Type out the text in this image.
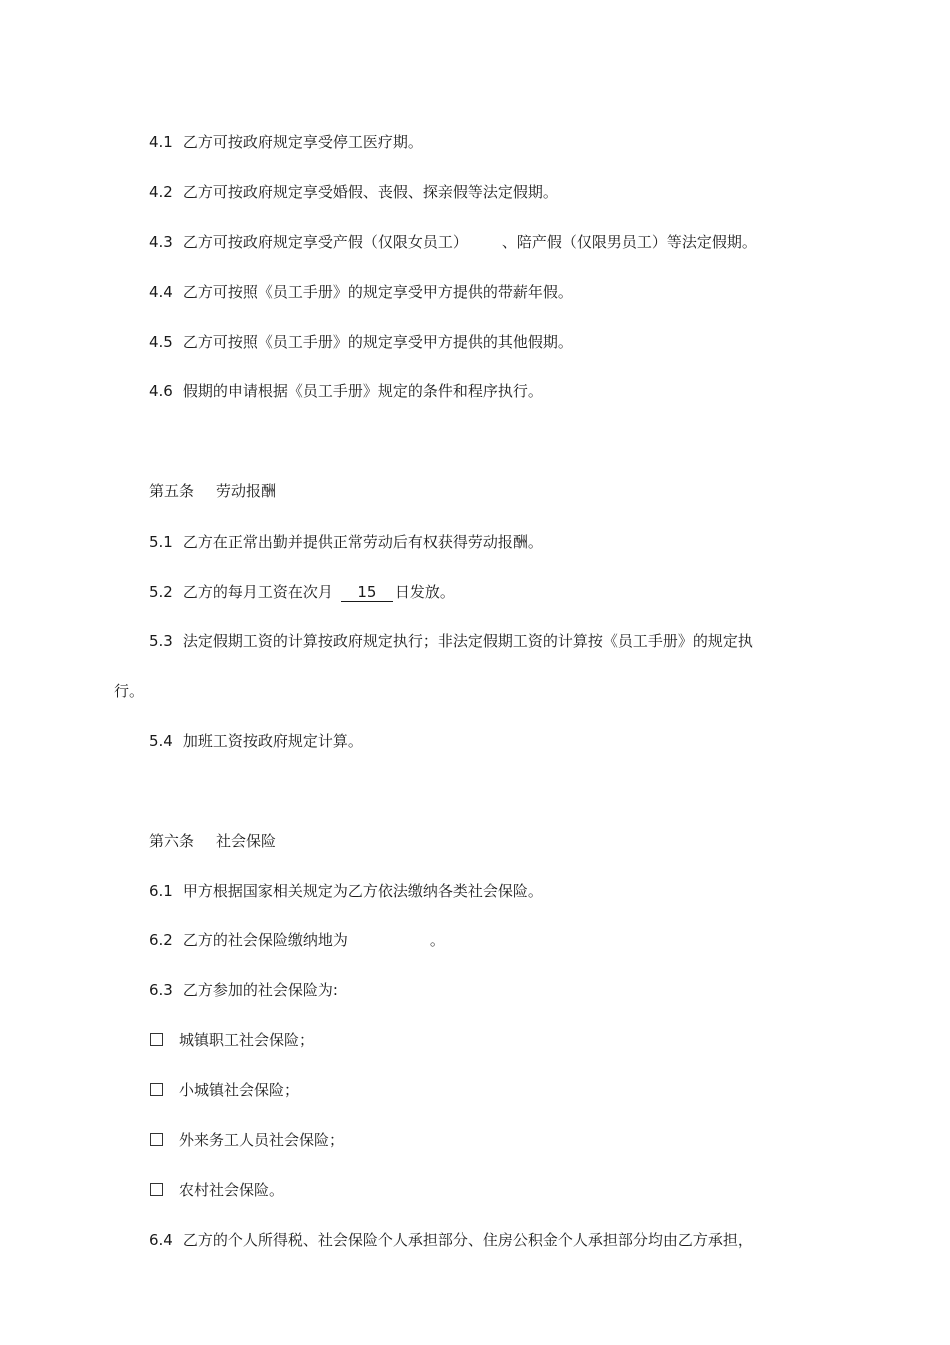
4.1 乙方可按政府规定享受停工医疗期。
4.2 乙方可按政府规定享受婚假、丧假、探亲假等法定假期。
4.3 乙方可按政府规定享受产假（仅限女员工） 、陪产假（仅限男员工）等法定假期。
4.4 乙方可按照《员工手册》的规定享受甲方提供的带薪年假。
4.5 乙方可按照《员工手册》的规定享受甲方提供的其他假期。
4.6 假期的申请根据《员工手册》规定的条件和程序执行。
第五条 劳动报酬
5.1 乙方在正常出勤并提供正常劳动后有权获得劳动报酬。
5.2 乙方的每月工资在次月 15 日发放。
5.3 法定假期工资的计算按政府规定执行；非法定假期工资的计算按《员工手册》的规定执
行。
5.4 加班工资按政府规定计算。
第六条 社会保险
6.1 甲方根据国家相关规定为乙方依法缴纳各类社会保险。
6.2 乙方的社会保险缴纳地为	。
6.3 乙方参加的社会保险为:
城镇职工社会保险；
小城镇社会保险；
外来务工人员社会保险；
农村社会保险。
6.4 乙方的个人所得税、社会保险个人承担部分、住房公积金个人承担部分均由乙方承担，
